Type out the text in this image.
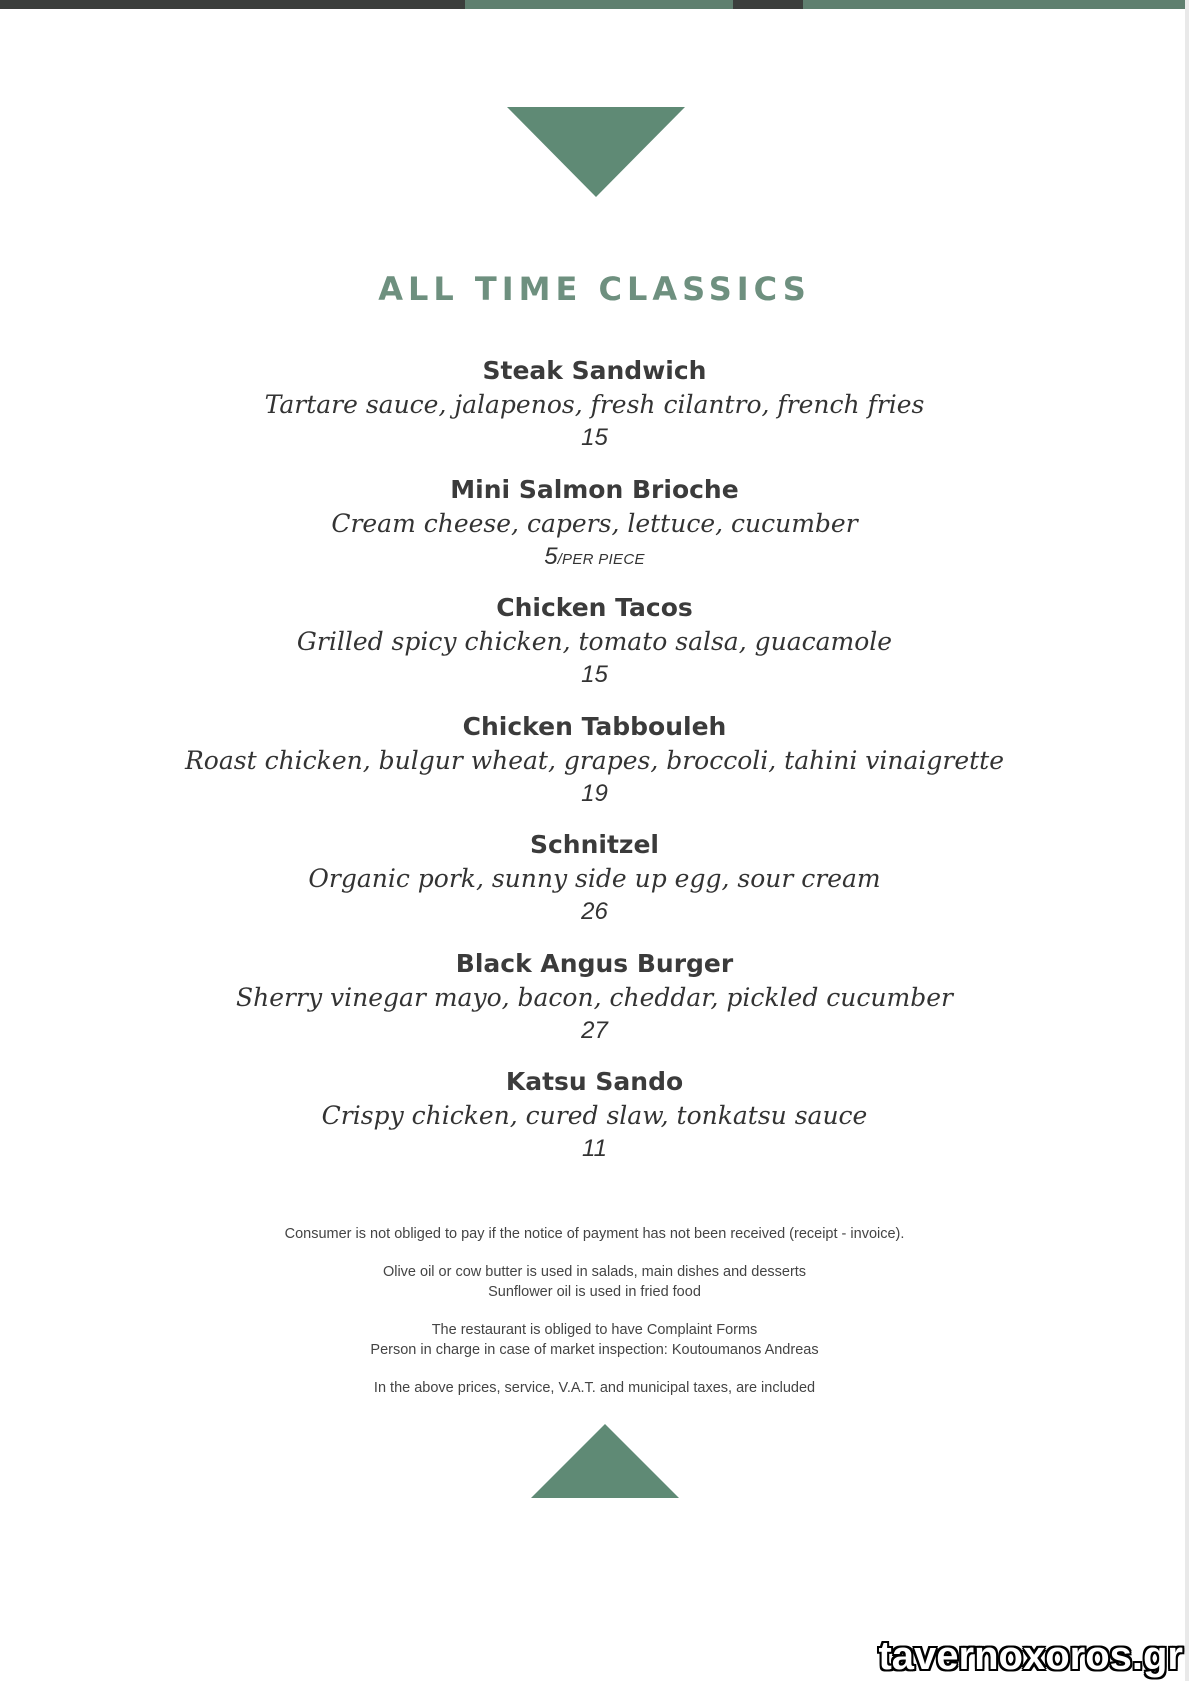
ALL TIME CLASSICS
Steak Sandwich
Tartare sauce, jalapenos, fresh cilantro, french fries
15
Mini Salmon Brioche
Cream cheese, capers, lettuce, cucumber
5/PER PIECE
Chicken Tacos
Grilled spicy chicken, tomato salsa, guacamole
15
Chicken Tabbouleh
Roast chicken, bulgur wheat, grapes, broccoli, tahini vinaigrette
19
Schnitzel
Organic pork, sunny side up egg, sour cream
26
Black Angus Burger
Sherry vinegar mayo, bacon, cheddar, pickled cucumber
27
Katsu Sando
Crispy chicken, cured slaw, tonkatsu sauce
11

Consumer is not obliged to pay if the notice of payment has not been received (receipt - invoice).

Olive oil or cow butter is used in salads, main dishes and desserts
Sunflower oil is used in fried food

The restaurant is obliged to have Complaint Forms
Person in charge in case of market inspection: Koutoumanos Andreas

In the above prices, service, V.A.T. and municipal taxes, are included

tavernoxoros.gr
